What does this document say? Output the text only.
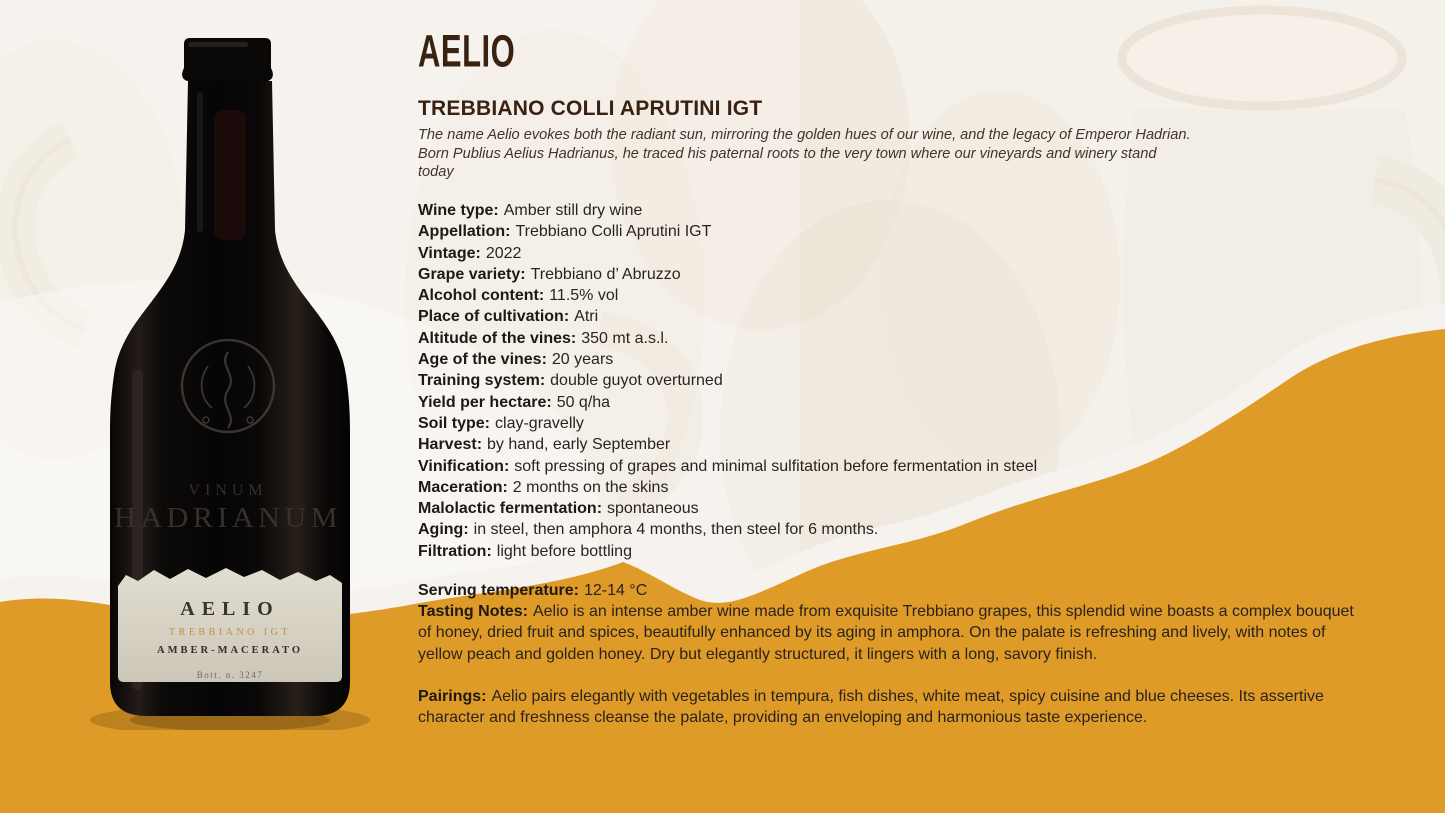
VINUM
HADRIANUM
AELIO
TREBBIANO IGT
AMBER-MACERATO
Bott. n. 3247
AELIO
TREBBIANO COLLI APRUTINI IGT

The name Aelio evokes both the radiant sun, mirroring the golden hues of our wine, and the legacy of Emperor Hadrian. Born Publius Aelius Hadrianus, he traced his paternal roots to the very town where our vineyards and winery stand today

Wine type: Amber still dry wine
Appellation: Trebbiano Colli Aprutini IGT
Vintage: 2022
Grape variety: Trebbiano d’ Abruzzo
Alcohol content: 11.5% vol
Place of cultivation: Atri
Altitude of the vines: 350 mt a.s.l.
Age of the vines: 20 years
Training system: double guyot overturned
Yield per hectare: 50 q/ha
Soil type: clay-gravelly
Harvest: by hand, early September
Vinification: soft pressing of grapes and minimal sulfitation before fermentation in steel
Maceration: 2 months on the skins
Malolactic fermentation: spontaneous
Aging: in steel, then amphora 4 months, then steel for 6 months.
Filtration: light before bottling
Serving temperature: 12-14 °C
Tasting Notes: Aelio is an intense amber wine made from exquisite Trebbiano grapes, this splendid wine boasts a complex bouquet of honey, dried fruit and spices, beautifully enhanced by its aging in amphora. On the palate is refreshing and lively, with notes of yellow peach and golden honey. Dry but elegantly structured, it lingers with a long, savory finish.
Pairings: Aelio pairs elegantly with vegetables in tempura, fish dishes, white meat, spicy cuisine and blue cheeses. Its assertive character and freshness cleanse the palate, providing an enveloping and harmonious taste experience.
